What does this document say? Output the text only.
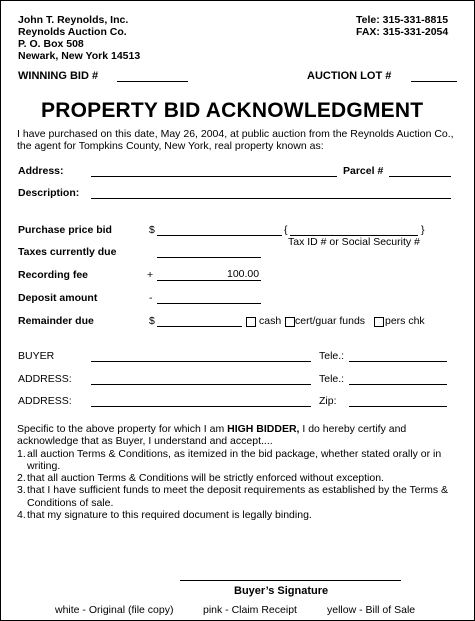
John T. Reynolds, Inc.
Reynolds Auction Co.
P. O. Box 508
Newark, New York 14513
Tele: 315-331-8815
FAX: 315-331-2054
WINNING BID #	AUCTION LOT #
PROPERTY BID ACKNOWLEDGMENT
I have purchased on this date, May 26, 2004, at public auction from the Reynolds Auction Co., the agent for Tompkins County, New York, real property known as:
Address:	Parcel #
Description:
Purchase price bid	$	{	}
Tax ID # or Social Security #
Taxes currently due
Recording fee	+	100.00
Deposit amount	-
Remainder due	$	cash cert/guar funds pers chk
BUYER	Tele.:
ADDRESS:	Tele.:
ADDRESS:	Zip:
Specific to the above property for which I am HIGH BIDDER, I do hereby certify and acknowledge that as Buyer, I understand and accept....
1. all auction Terms & Conditions, as itemized in the bid package, whether stated orally or in writing.
2. that all auction Terms & Conditions will be strictly enforced without exception.
3. that I have sufficient funds to meet the deposit requirements as established by the Terms & Conditions of sale.
4. that my signature to this required document is legally binding.
Buyer’s Signature
white - Original (file copy)	pink - Claim Receipt	yellow - Bill of Sale
